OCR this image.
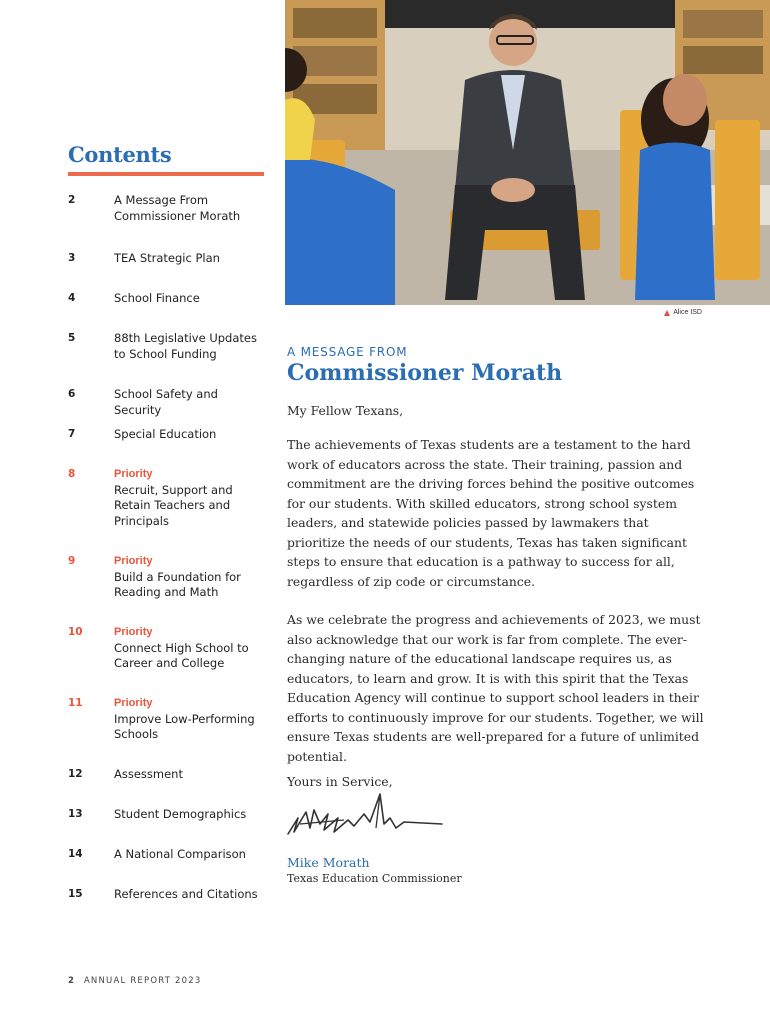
Alice ISD
Contents
2	A Message From Commissioner Morath
3	TEA Strategic Plan
4	School Finance
5	88th Legislative Updates to School Funding
6	School Safety and Security
7	Special Education
8	Priority
Recruit, Support and Retain Teachers and Principals
9	Priority
Build a Foundation for Reading and Math
10	Priority
Connect High School to Career and College
11	Priority
Improve Low-Performing Schools
12	Assessment
13	Student Demographics
14	A National Comparison
15	References and Citations
A MESSAGE FROM
Commissioner Morath
My Fellow Texans,
The achievements of Texas students are a testament to the hard work of educators across the state. Their training, passion and commitment are the driving forces behind the positive outcomes for our students. With skilled educators, strong school system leaders, and statewide policies passed by lawmakers that prioritize the needs of our students, Texas has taken significant steps to ensure that education is a pathway to success for all, regardless of zip code or circumstance.
As we celebrate the progress and achievements of 2023, we must also acknowledge that our work is far from complete. The ever-changing nature of the educational landscape requires us, as educators, to learn and grow. It is with this spirit that the Texas Education Agency will continue to support school leaders in their efforts to continuously improve for our students. Together, we will ensure Texas students are well-prepared for a future of unlimited potential.
Yours in Service,
Mike Morath
Texas Education Commissioner
2 ANNUAL REPORT 2023
